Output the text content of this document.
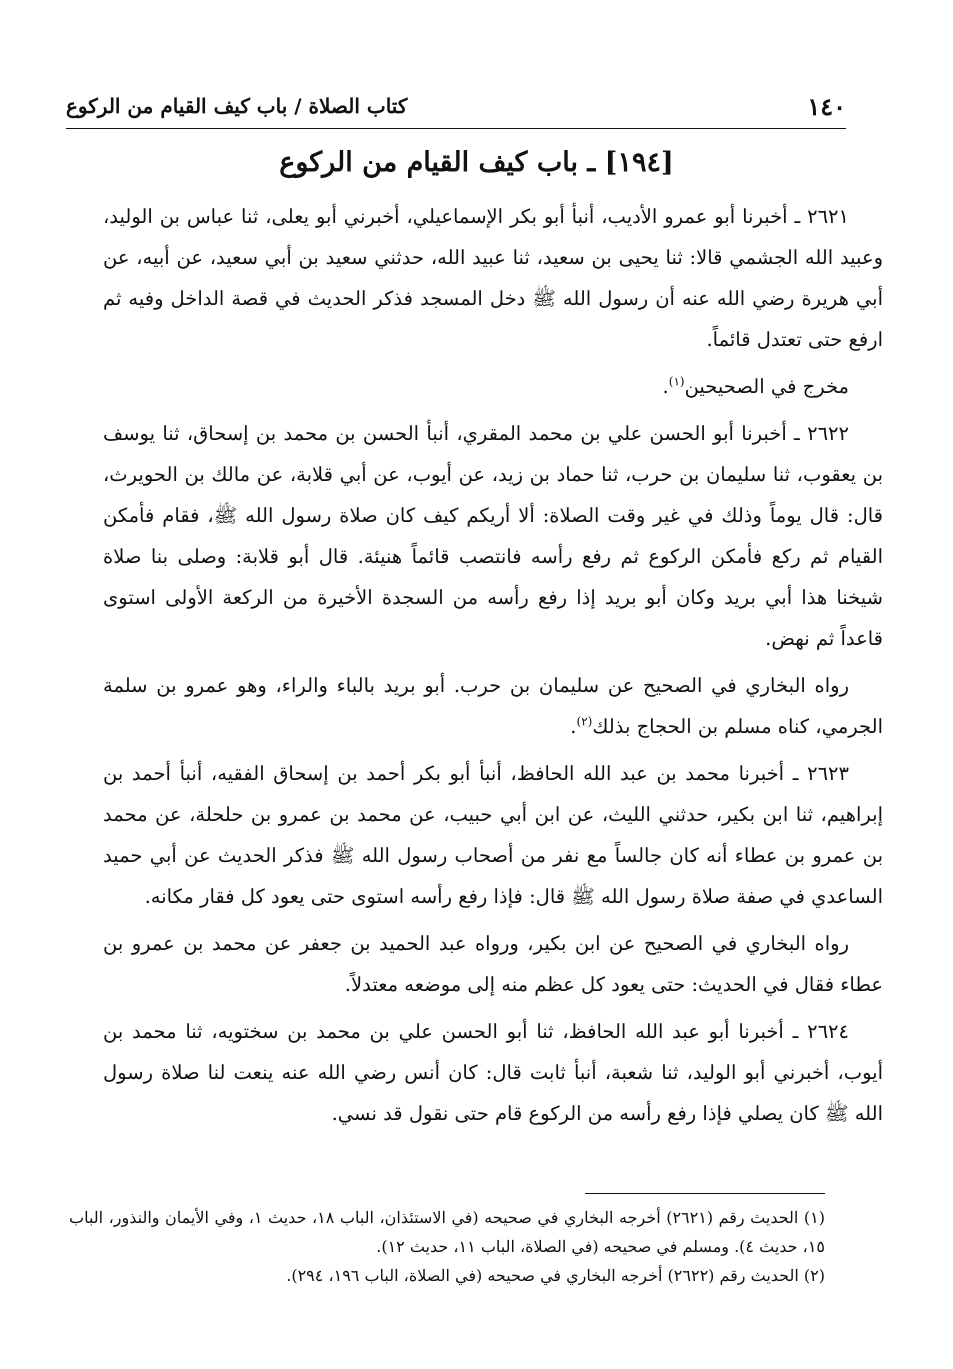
١٤٠
كتاب الصلاة / باب كيف القيام من الركوع
[١٩٤] ـ باب كيف القيام من الركوع

٢٦٢١ ـ أخبرنا أبو عمرو الأديب، أنبأ أبو بكر الإسماعيلي، أخبرني أبو يعلى، ثنا عباس بن الوليد، وعبيد الله الجشمي قالا: ثنا يحيى بن سعيد، ثنا عبيد الله، حدثني سعيد بن أبي سعيد، عن أبيه، عن أبي هريرة رضي الله عنه أن رسول الله ﷺ دخل المسجد فذكر الحديث في قصة الداخل وفيه ثم ارفع حتى تعتدل قائماً.

مخرج في الصحيحين$^{(١)}$.

٢٦٢٢ ـ أخبرنا أبو الحسن علي بن محمد المقري، أنبأ الحسن بن محمد بن إسحاق، ثنا يوسف بن يعقوب، ثنا سليمان بن حرب، ثنا حماد بن زيد، عن أيوب، عن أبي قلابة، عن مالك بن الحويرث، قال: قال يوماً وذلك في غير وقت الصلاة: ألا أريكم كيف كان صلاة رسول الله ﷺ، فقام فأمكن القيام ثم ركع فأمكن الركوع ثم رفع رأسه فانتصب قائماً هنيئة. قال أبو قلابة: وصلى بنا صلاة شيخنا هذا أبي بريد وكان أبو بريد إذا رفع رأسه من السجدة الأخيرة من الركعة الأولى استوى قاعداً ثم نهض.

رواه البخاري في الصحيح عن سليمان بن حرب. أبو بريد بالباء والراء، وهو عمرو بن سلمة الجرمي، كناه مسلم بن الحجاج بذلك$^{(٢)}$.

٢٦٢٣ ـ أخبرنا محمد بن عبد الله الحافظ، أنبأ أبو بكر أحمد بن إسحاق الفقيه، أنبأ أحمد بن إبراهيم، ثنا ابن بكير، حدثني الليث، عن ابن أبي حبيب، عن محمد بن عمرو بن حلحلة، عن محمد بن عمرو بن عطاء أنه كان جالساً مع نفر من أصحاب رسول الله ﷺ فذكر الحديث عن أبي حميد الساعدي في صفة صلاة رسول الله ﷺ قال: فإذا رفع رأسه استوى حتى يعود كل فقار مكانه.

رواه البخاري في الصحيح عن ابن بكير، ورواه عبد الحميد بن جعفر عن محمد بن عمرو بن عطاء فقال في الحديث: حتى يعود كل عظم منه إلى موضعه معتدلاً.

٢٦٢٤ ـ أخبرنا أبو عبد الله الحافظ، ثنا أبو الحسن علي بن محمد بن سختويه، ثنا محمد بن أيوب، أخبرني أبو الوليد، ثنا شعبة، أنبأ ثابت قال: كان أنس رضي الله عنه ينعت لنا صلاة رسول الله ﷺ كان يصلي فإذا رفع رأسه من الركوع قام حتى نقول قد نسي.

(١) الحديث رقم (٢٦٢١) أخرجه البخاري في صحيحه (في الاستئذان، الباب ١٨، حديث ١، وفي الأيمان والنذور، الباب ١٥، حديث ٤). ومسلم في صحيحه (في الصلاة، الباب ١١، حديث ١٢).

(٢) الحديث رقم (٢٦٢٢) أخرجه البخاري في صحيحه (في الصلاة، الباب ١٩٦، ٢٩٤).
